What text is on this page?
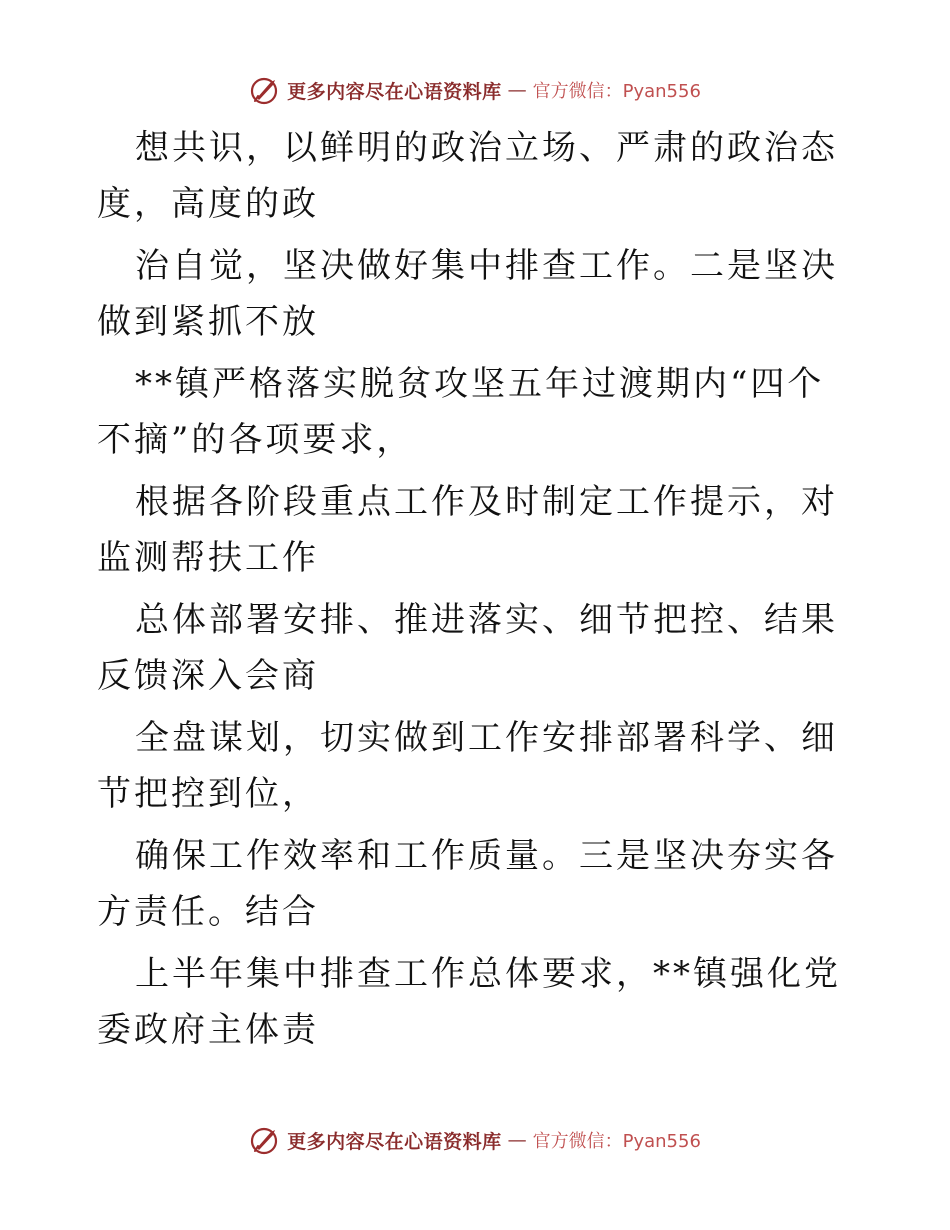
更多内容尽在心语资料库 — 官方微信：Pyan556

想共识，以鲜明的政治立场、严肃的政治态度，高度的政

治自觉，坚决做好集中排查工作。二是坚决做到紧抓不放

**镇严格落实脱贫攻坚五年过渡期内“四个不摘”的各项要求，

根据各阶段重点工作及时制定工作提示，对监测帮扶工作

总体部署安排、推进落实、细节把控、结果反馈深入会商

全盘谋划，切实做到工作安排部署科学、细节把控到位，

确保工作效率和工作质量。三是坚决夯实各方责任。结合

上半年集中排查工作总体要求，**镇强化党委政府主体责

更多内容尽在心语资料库 — 官方微信：Pyan556
